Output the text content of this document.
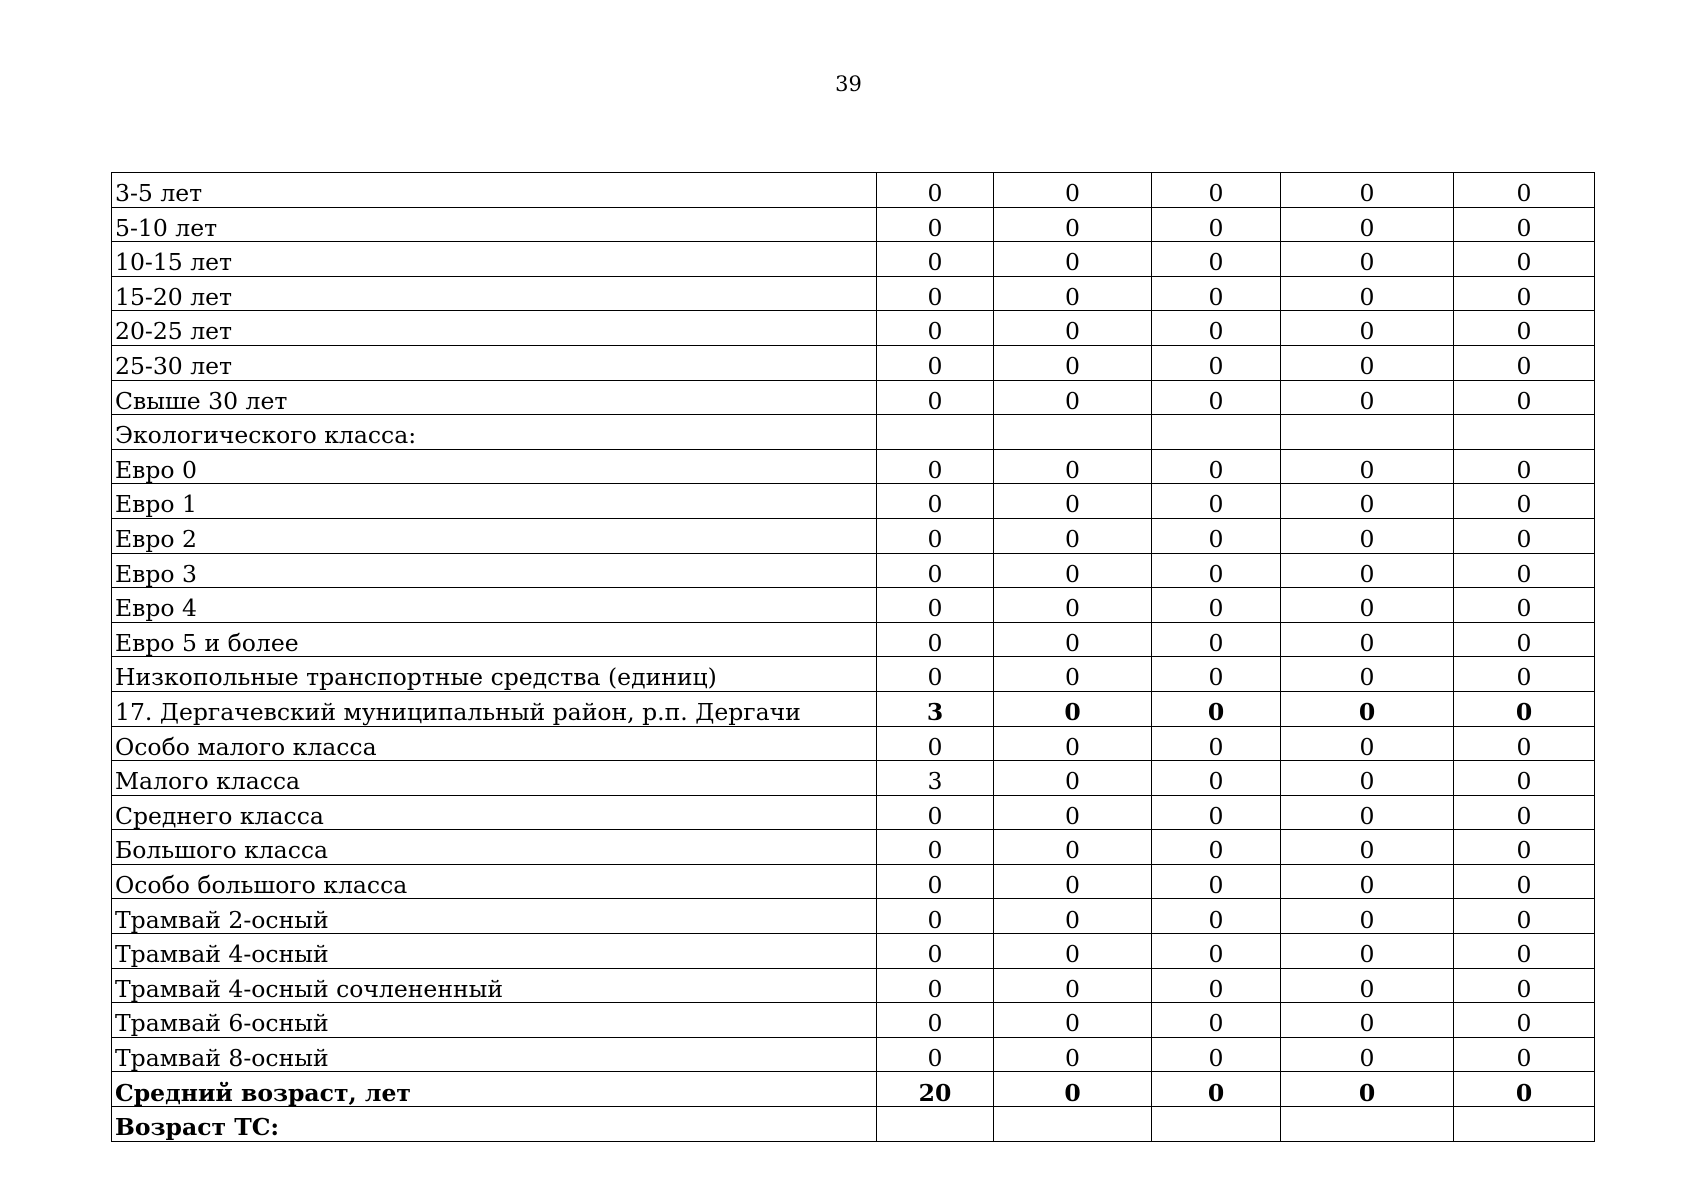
39
3-5 лет	0	0	0	0	0
5-10 лет	0	0	0	0	0
10-15 лет	0	0	0	0	0
15-20 лет	0	0	0	0	0
20-25 лет	0	0	0	0	0
25-30 лет	0	0	0	0	0
Свыше 30 лет	0	0	0	0	0
Экологического класса:					
Евро 0	0	0	0	0	0
Евро 1	0	0	0	0	0
Евро 2	0	0	0	0	0
Евро 3	0	0	0	0	0
Евро 4	0	0	0	0	0
Евро 5 и более	0	0	0	0	0
Низкопольные транспортные средства (единиц)	0	0	0	0	0
17. Дергачевский муниципальный район, р.п. Дергачи	3	0	0	0	0
Особо малого класса	0	0	0	0	0
Малого класса	3	0	0	0	0
Среднего класса	0	0	0	0	0
Большого класса	0	0	0	0	0
Особо большого класса	0	0	0	0	0
Трамвай 2-осный	0	0	0	0	0
Трамвай 4-осный	0	0	0	0	0
Трамвай 4-осный сочлененный	0	0	0	0	0
Трамвай 6-осный	0	0	0	0	0
Трамвай 8-осный	0	0	0	0	0
Средний возраст, лет	20	0	0	0	0
Возраст ТС:					
